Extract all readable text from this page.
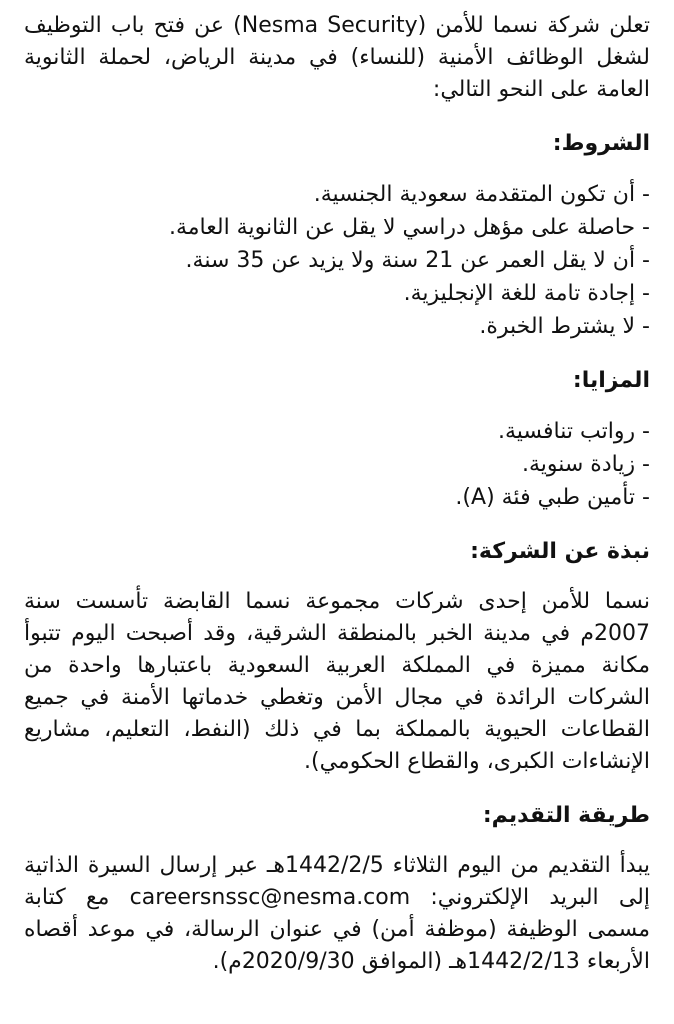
تعلن شركة نسما للأمن (Nesma Security) عن فتح باب التوظيف لشغل الوظائف الأمنية (للنساء) في مدينة الرياض، لحملة الثانوية العامة على النحو التالي:

الشروط:
- أن تكون المتقدمة سعودية الجنسية.
- حاصلة على مؤهل دراسي لا يقل عن الثانوية العامة.
- أن لا يقل العمر عن 21 سنة ولا يزيد عن 35 سنة.
- إجادة تامة للغة الإنجليزية.
- لا يشترط الخبرة.
المزايا:
- رواتب تنافسية.
- زيادة سنوية.
- تأمين طبي فئة (A).
نبذة عن الشركة:

نسما للأمن إحدى شركات مجموعة نسما القابضة تأسست سنة 2007م في مدينة الخبر بالمنطقة الشرقية، وقد أصبحت اليوم تتبوأ مكانة مميزة في المملكة العربية السعودية باعتبارها واحدة من الشركات الرائدة في مجال الأمن وتغطي خدماتها الأمنة في جميع القطاعات الحيوية بالمملكة بما في ذلك (النفط، التعليم، مشاريع الإنشاءات الكبرى، والقطاع الحكومي).

طريقة التقديم:

يبدأ التقديم من اليوم الثلاثاء 1442/2/5هـ عبر إرسال السيرة الذاتية إلى البريد الإلكتروني: careersnssc@nesma.com مع كتابة مسمى الوظيفة (موظفة أمن) في عنوان الرسالة، في موعد أقصاه الأربعاء 1442/2/13هـ (الموافق 2020/9/30م).
